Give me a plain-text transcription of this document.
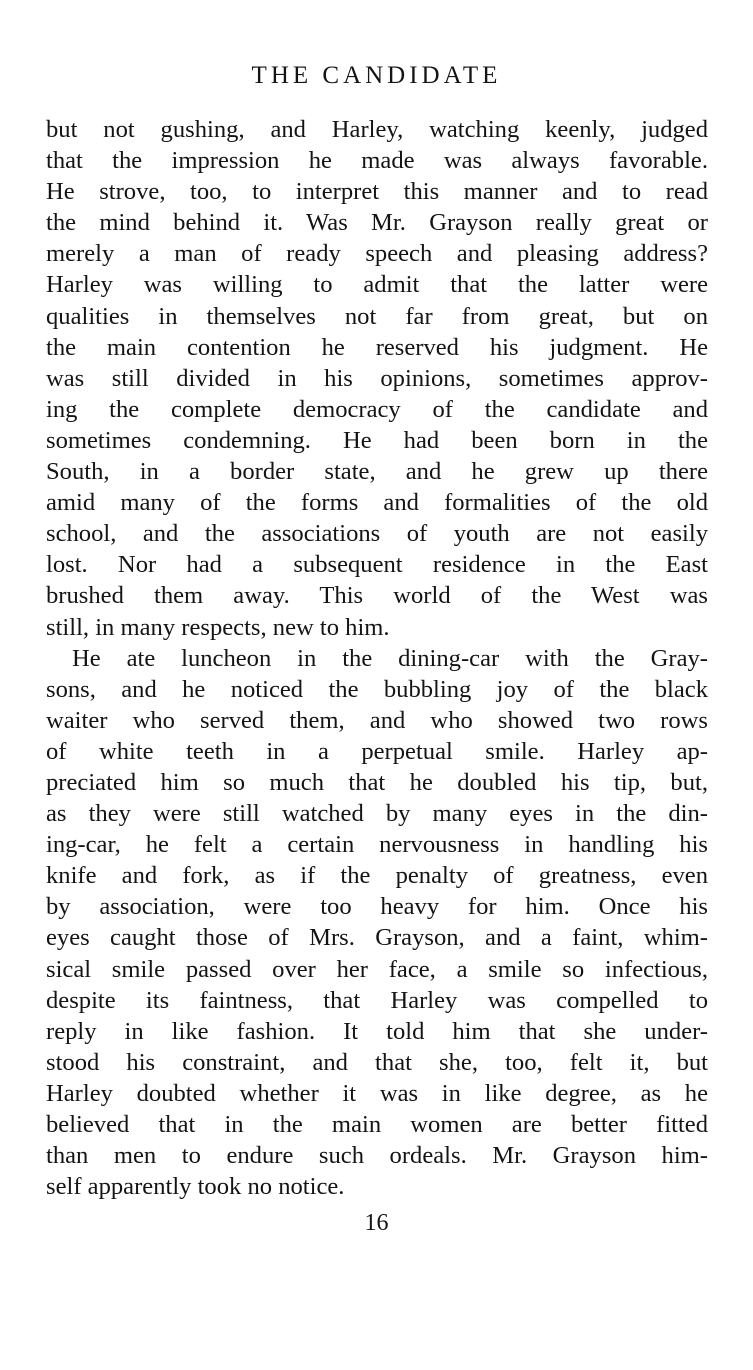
THE CANDIDATE
but not gushing, and Harley, watching keenly, judged
that the impression he made was always favorable.
He strove, too, to interpret this manner and to read
the mind behind it. Was Mr. Grayson really great or
merely a man of ready speech and pleasing address?
Harley was willing to admit that the latter were
qualities in themselves not far from great, but on
the main contention he reserved his judgment. He
was still divided in his opinions, sometimes approv-
ing the complete democracy of the candidate and
sometimes condemning. He had been born in the
South, in a border state, and he grew up there
amid many of the forms and formalities of the old
school, and the associations of youth are not easily
lost. Nor had a subsequent residence in the East
brushed them away. This world of the West was
still, in many respects, new to him.
He ate luncheon in the dining-car with the Gray-
sons, and he noticed the bubbling joy of the black
waiter who served them, and who showed two rows
of white teeth in a perpetual smile. Harley ap-
preciated him so much that he doubled his tip, but,
as they were still watched by many eyes in the din-
ing-car, he felt a certain nervousness in handling his
knife and fork, as if the penalty of greatness, even
by association, were too heavy for him. Once his
eyes caught those of Mrs. Grayson, and a faint, whim-
sical smile passed over her face, a smile so infectious,
despite its faintness, that Harley was compelled to
reply in like fashion. It told him that she under-
stood his constraint, and that she, too, felt it, but
Harley doubted whether it was in like degree, as he
believed that in the main women are better fitted
than men to endure such ordeals. Mr. Grayson him-
self apparently took no notice.
16
